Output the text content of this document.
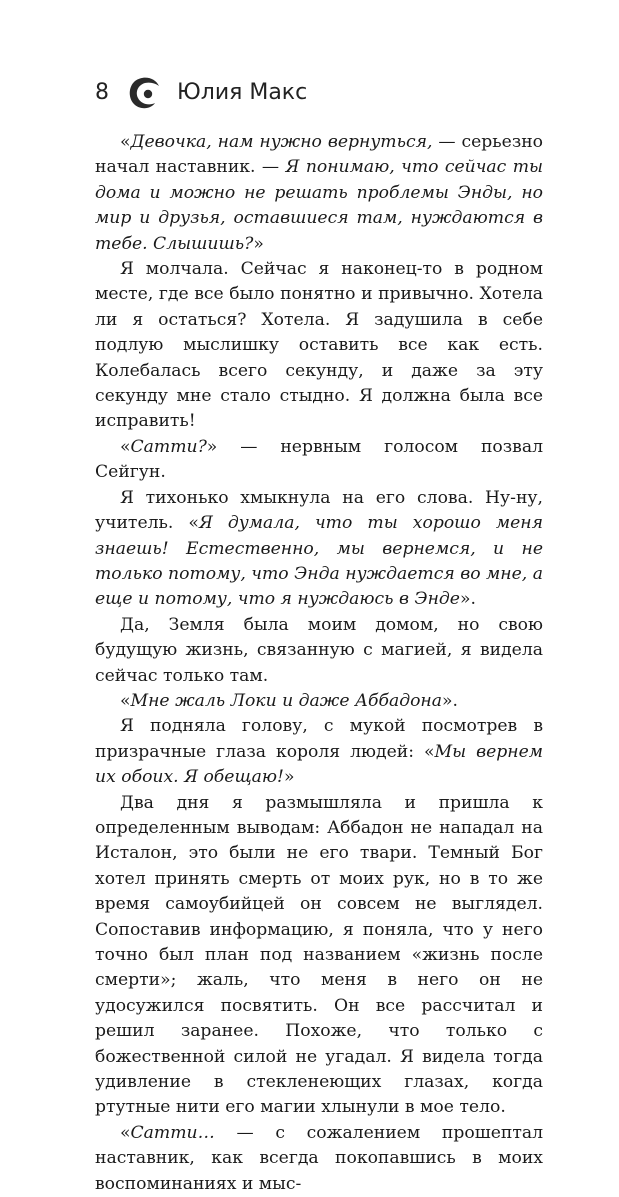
8	Юлия Макс

«Девочка, нам нужно вернуться, — серьезно начал наставник. — Я понимаю, что сейчас ты дома и можно не решать проблемы Энды, но мир и друзья, оставшиеся там, нуждаются в тебе. Слышишь?»

Я молчала. Сейчас я наконец-то в родном месте, где все было понятно и привычно. Хотела ли я остаться? Хотела. Я задушила в себе подлую мыслишку оставить все как есть. Колебалась всего секунду, и даже за эту секунду мне стало стыдно. Я должна была все исправить!

«Сатти?» — нервным голосом позвал Сейгун.

Я тихонько хмыкнула на его слова. Ну-ну, учитель. «Я думала, что ты хорошо меня знаешь! Естественно, мы вернемся, и не только потому, что Энда нуждается во мне, а еще и потому, что я нуждаюсь в Энде».

Да, Земля была моим домом, но свою будущую жизнь, связанную с магией, я видела сейчас только там.

«Мне жаль Локи и даже Аббадона».

Я подняла голову, с мукой посмотрев в призрачные глаза короля людей: «Мы вернем их обоих. Я обещаю!»

Два дня я размышляла и пришла к определенным выводам: Аббадон не нападал на Исталон, это были не его твари. Темный Бог хотел принять смерть от моих рук, но в то же время самоубийцей он совсем не выглядел. Сопоставив информацию, я поняла, что у него точно был план под названием «жизнь после смерти»; жаль, что меня в него он не удосужился посвятить. Он все рассчитал и решил заранее. Похоже, что только с божественной силой не угадал. Я видела тогда удивление в стекленеющих глазах, когда ртутные нити его магии хлынули в мое тело.

«Сатти… — с сожалением прошептал наставник, как всегда покопавшись в моих воспоминаниях и мыс-
